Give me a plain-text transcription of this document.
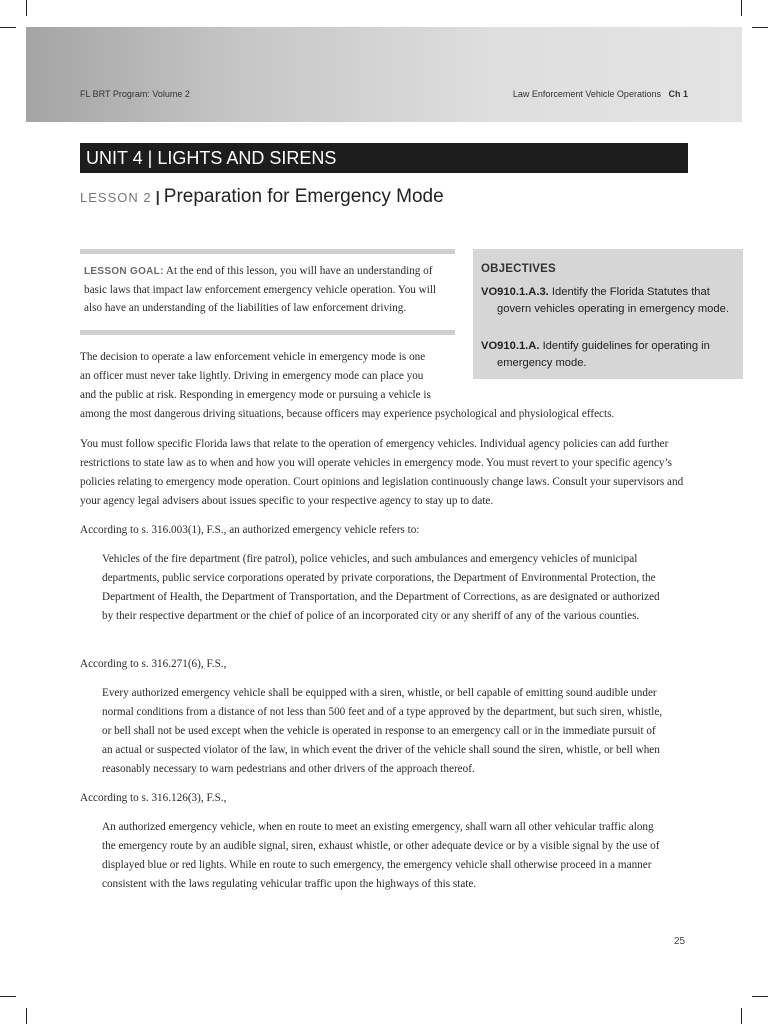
FL BRT Program: Volume 2	Law Enforcement Vehicle Operations Ch 1
UNIT 4 | LIGHTS AND SIRENS
LESSON 2 | Preparation for Emergency Mode
LESSON GOAL: At the end of this lesson, you will have an understanding of basic laws that impact law enforcement emergency vehicle operation. You will also have an understanding of the liabilities of law enforcement driving.
OBJECTIVES
VO910.1.A.3. Identify the Florida Statutes that govern vehicles operating in emergency mode.
VO910.1.A. Identify guidelines for operating in emergency mode.
The decision to operate a law enforcement vehicle in emergency mode is one
an officer must never take lightly. Driving in emergency mode can place you
and the public at risk. Responding in emergency mode or pursuing a vehicle is
among the most dangerous driving situations, because officers may experience psychological and physiological effects.
You must follow specific Florida laws that relate to the operation of emergency vehicles. Individual agency policies can add further restrictions to state law as to when and how you will operate vehicles in emergency mode. You must revert to your specific agency’s policies relating to emergency mode operation. Court opinions and legislation continuously change laws. Consult your supervisors and your agency legal advisers about issues specific to your respective agency to stay up to date.
According to s. 316.003(1), F.S., an authorized emergency vehicle refers to:
Vehicles of the fire department (fire patrol), police vehicles, and such ambulances and emergency vehicles of municipal departments, public service corporations operated by private corporations, the Department of Environmental Protection, the Department of Health, the Department of Transportation, and the Department of Corrections, as are designated or authorized by their respective department or the chief of police of an incorporated city or any sheriff of any of the various counties.
According to s. 316.271(6), F.S.,
Every authorized emergency vehicle shall be equipped with a siren, whistle, or bell capable of emitting sound audible under normal conditions from a distance of not less than 500 feet and of a type approved by the department, but such siren, whistle, or bell shall not be used except when the vehicle is operated in response to an emergency call or in the immediate pursuit of an actual or suspected violator of the law, in which event the driver of the vehicle shall sound the siren, whistle, or bell when reasonably necessary to warn pedestrians and other drivers of the approach thereof.
According to s. 316.126(3), F.S.,
An authorized emergency vehicle, when en route to meet an existing emergency, shall warn all other vehicular traffic along the emergency route by an audible signal, siren, exhaust whistle, or other adequate device or by a visible signal by the use of displayed blue or red lights. While en route to such emergency, the emergency vehicle shall otherwise proceed in a manner consistent with the laws regulating vehicular traffic upon the highways of this state.
25
